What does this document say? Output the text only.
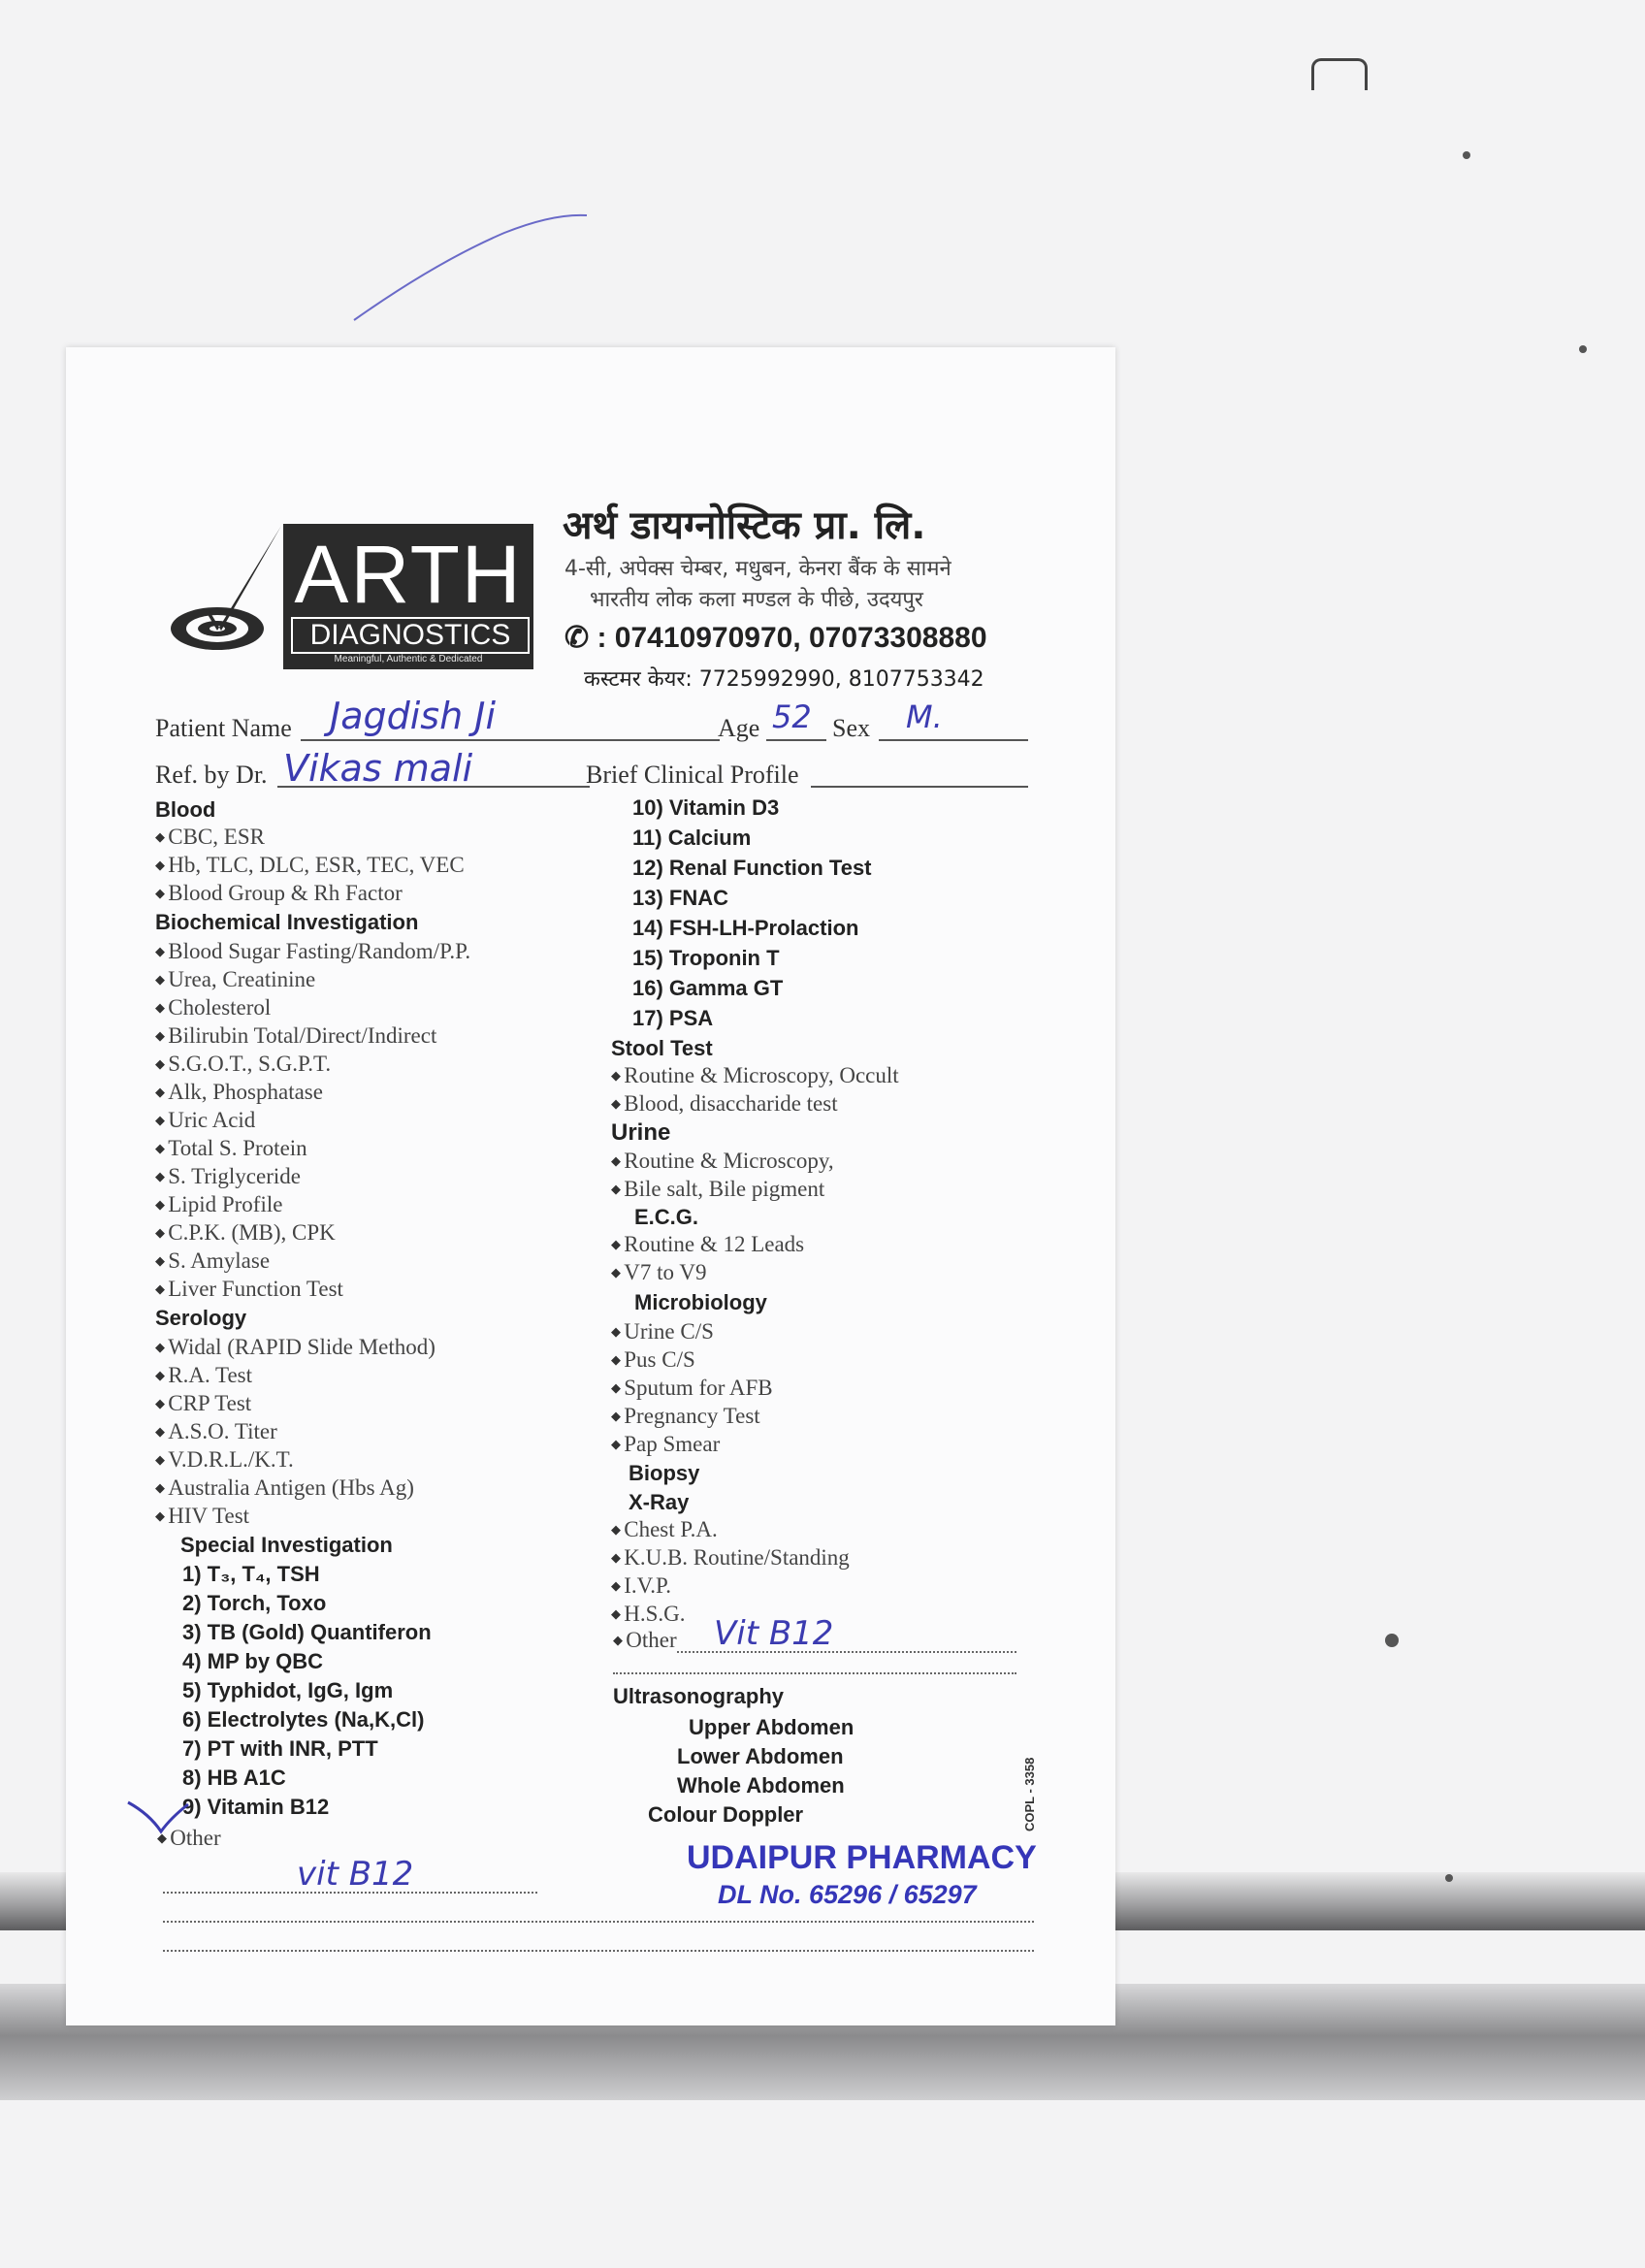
ARTH
DIAGNOSTICS
Meaningful, Authentic & Dedicated
अर्थ डायग्नोस्टिक प्रा. लि.
4-सी, अपेक्स चेम्बर, मधुबन, केनरा बैंक के सामने
भारतीय लोक कला मण्डल के पीछे, उदयपुर
✆ : 07410970970, 07073308880
कस्टमर केयर: 7725992990, 8107753342
Patient Name Jagdish Ji	Age 52 Sex M.
Ref. by Dr. Vikas mali	Brief Clinical Profile
Blood
◆ CBC, ESR
◆ Hb, TLC, DLC, ESR, TEC, VEC
◆ Blood Group & Rh Factor
Biochemical Investigation
◆ Blood Sugar Fasting/Random/P.P.
◆ Urea, Creatinine
◆ Cholesterol
◆ Bilirubin Total/Direct/Indirect
◆ S.G.O.T., S.G.P.T.
◆ Alk, Phosphatase
◆ Uric Acid
◆ Total S. Protein
◆ S. Triglyceride
◆ Lipid Profile
◆ C.P.K. (MB), CPK
◆ S. Amylase
◆ Liver Function Test
Serology
◆ Widal (RAPID Slide Method)
◆ R.A. Test
◆ CRP Test
◆ A.S.O. Titer
◆ V.D.R.L./K.T.
◆ Australia Antigen (Hbs Ag)
◆ HIV Test
Special Investigation
1) T₃, T₄, TSH
2) Torch, Toxo
3) TB (Gold) Quantiferon
4) MP by QBC
5) Typhidot, IgG, Igm
6) Electrolytes (Na,K,Cl)
7) PT with INR, PTT
8) HB A1C
9) Vitamin B12
◆ Other
vit B12
10) Vitamin D3
11) Calcium
12) Renal Function Test
13) FNAC
14) FSH-LH-Prolaction
15) Troponin T
16) Gamma GT
17) PSA
Stool Test
◆ Routine & Microscopy, Occult
◆ Blood, disaccharide test
Urine
◆ Routine & Microscopy,
◆ Bile salt, Bile pigment
E.C.G.
◆ Routine & 12 Leads
◆ V7 to V9
Microbiology
◆ Urine C/S
◆ Pus C/S
◆ Sputum for AFB
◆ Pregnancy Test
◆ Pap Smear
Biopsy
X-Ray
◆ Chest P.A.
◆ K.U.B. Routine/Standing
◆ I.V.P.
◆ H.S.G.
◆ Other Vit B12
Ultrasonography
Upper Abdomen
Lower Abdomen
Whole Abdomen
Colour Doppler	COPL - 3358
UDAIPUR PHARMACY
DL No. 65296 / 65297
